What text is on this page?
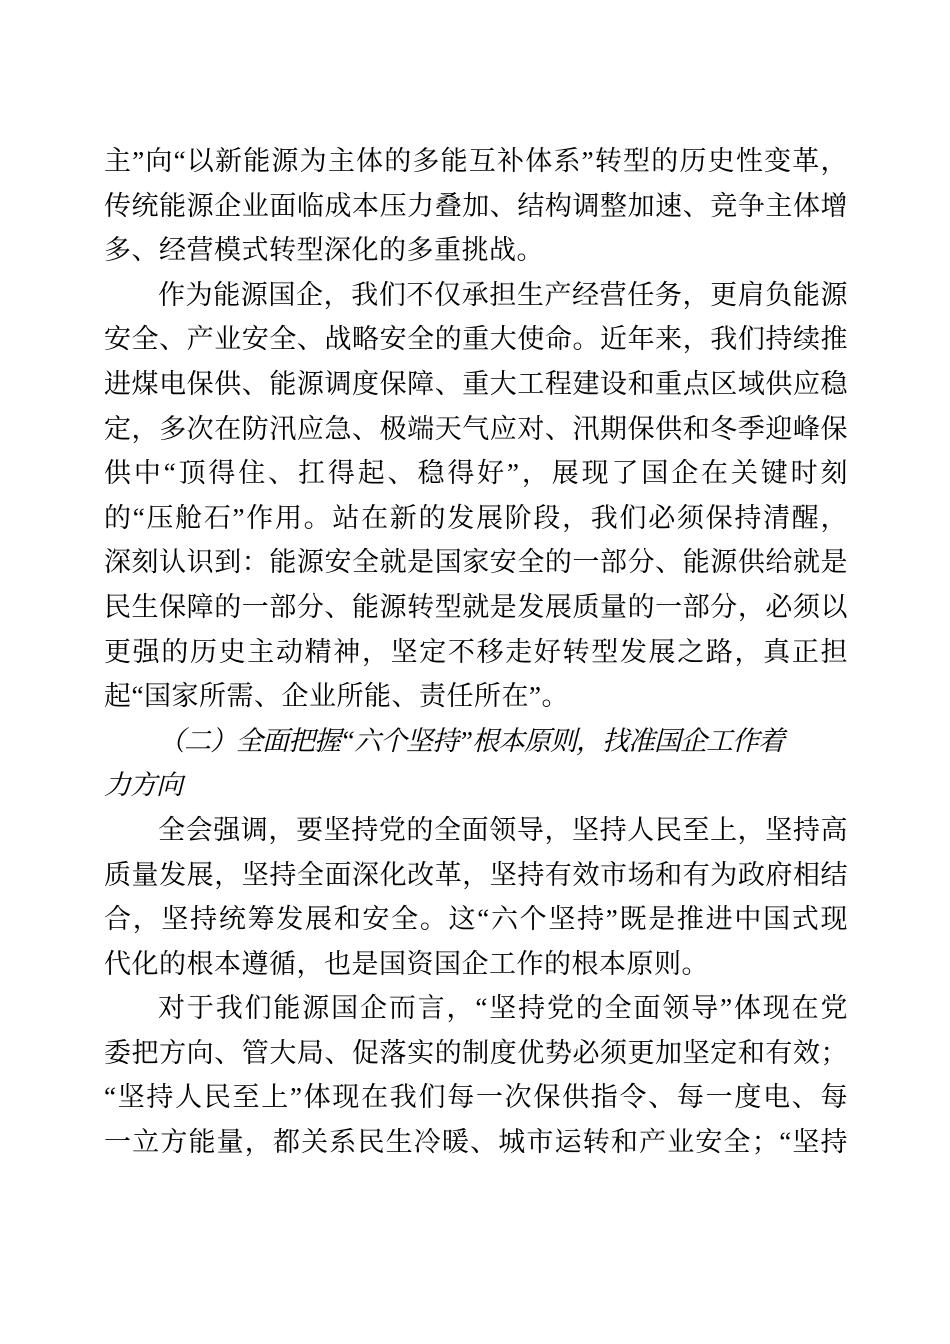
主”向“以新能源为主体的多能互补体系”转型的历史性变革，
传统能源企业面临成本压力叠加、结构调整加速、竞争主体增
多、经营模式转型深化的多重挑战。
作为能源国企，我们不仅承担生产经营任务，更肩负能源
安全、产业安全、战略安全的重大使命。近年来，我们持续推
进煤电保供、能源调度保障、重大工程建设和重点区域供应稳
定，多次在防汛应急、极端天气应对、汛期保供和冬季迎峰保
供中“顶得住、扛得起、稳得好”，展现了国企在关键时刻
的“压舱石”作用。站在新的发展阶段，我们必须保持清醒，
深刻认识到：能源安全就是国家安全的一部分、能源供给就是
民生保障的一部分、能源转型就是发展质量的一部分，必须以
更强的历史主动精神，坚定不移走好转型发展之路，真正担
起“国家所需、企业所能、责任所在”。
（二）全面把握“六个坚持”根本原则，找准国企工作着
力方向
全会强调，要坚持党的全面领导，坚持人民至上，坚持高
质量发展，坚持全面深化改革，坚持有效市场和有为政府相结
合，坚持统筹发展和安全。这“六个坚持”既是推进中国式现
代化的根本遵循，也是国资国企工作的根本原则。
对于我们能源国企而言，“坚持党的全面领导”体现在党
委把方向、管大局、促落实的制度优势必须更加坚定和有效；
“坚持人民至上”体现在我们每一次保供指令、每一度电、每
一立方能量，都关系民生冷暖、城市运转和产业安全；“坚持
